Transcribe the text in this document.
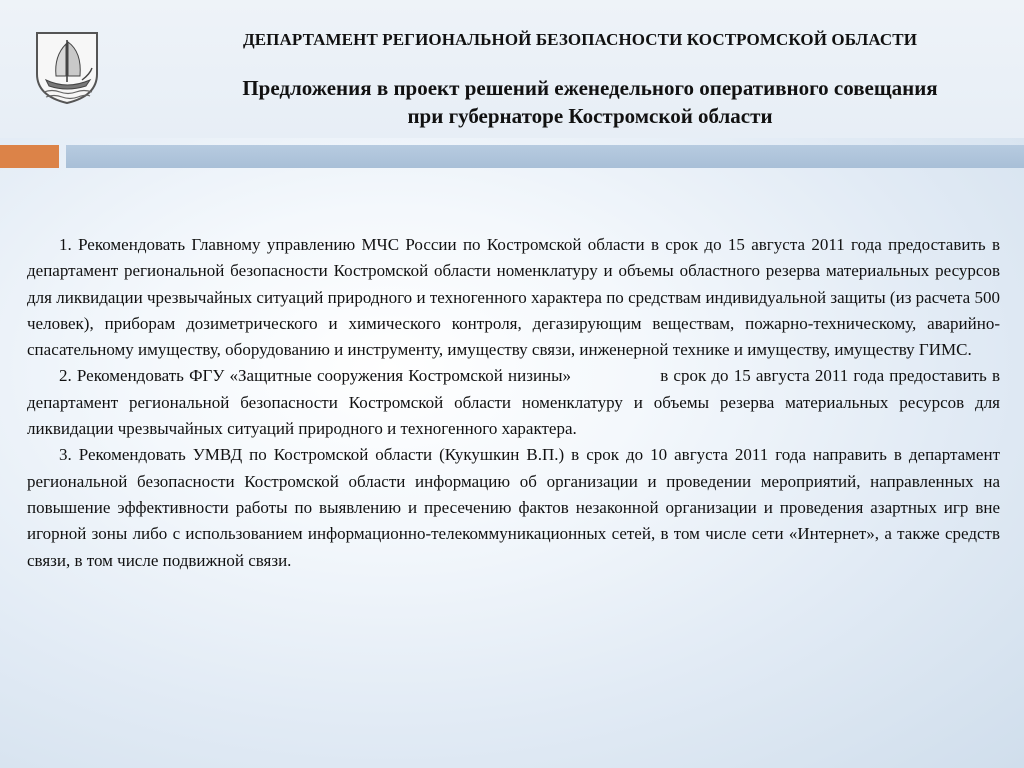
ДЕПАРТАМЕНТ РЕГИОНАЛЬНОЙ БЕЗОПАСНОСТИ КОСТРОМСКОЙ ОБЛАСТИ
Предложения в проект решений еженедельного оперативного совещания
при губернаторе Костромской области

1. Рекомендовать Главному управлению МЧС России по Костромской области в срок до 15 августа 2011 года предоставить в департамент региональной безопасности Костромской области номенклатуру и объемы областного резерва материальных ресурсов для ликвидации чрезвычайных ситуаций природного и техногенного характера по средствам индивидуальной защиты (из расчета 500 человек), приборам дозиметрического и химического контроля, дегазирующим веществам, пожарно-техническому, аварийно-спасательному имуществу, оборудованию и инструменту, имуществу связи, инженерной технике и имуществу, имуществу ГИМС.

2. Рекомендовать ФГУ «Защитные сооружения Костромской низины»	в срок до 15 августа 2011 года предоставить в департамент региональной безопасности Костромской области номенклатуру и объемы резерва материальных ресурсов для ликвидации чрезвычайных ситуаций природного и техногенного характера.

3. Рекомендовать УМВД по Костромской области (Кукушкин В.П.) в срок до 10 августа 2011 года направить в департамент региональной безопасности Костромской области информацию об организации и проведении мероприятий, направленных на повышение эффективности работы по выявлению и пресечению фактов незаконной организации и проведения азартных игр вне игорной зоны либо с использованием информационно-телекоммуникационных сетей, в том числе сети «Интернет», а также средств связи, в том числе подвижной связи.
